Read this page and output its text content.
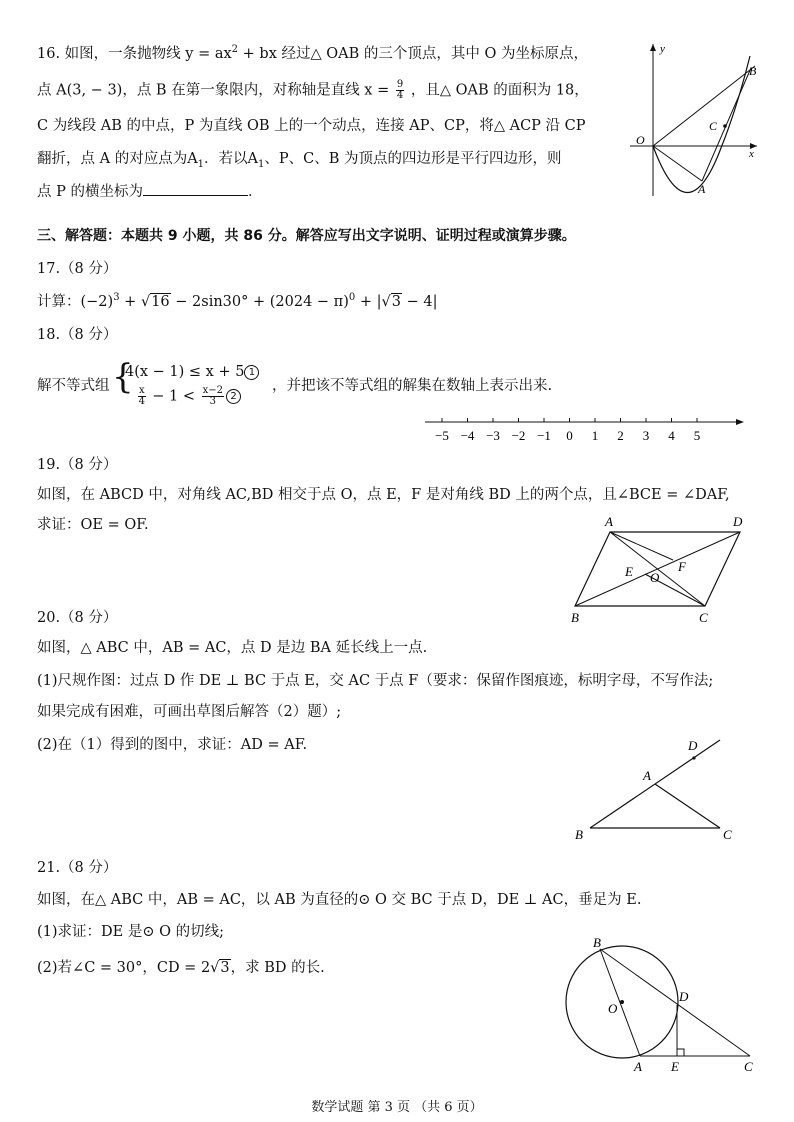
16. 如图，一条抛物线 $y = ax^2$ + bx 经过△ OAB 的三个顶点，其中 O 为坐标原点，
点 A(3, − 3)，点 B 在第一象限内，对称轴是直线 $x = \frac{9}{4}$ ，且△ OAB 的面积为 18，
C 为线段 AB 的中点，P 为直线 OB 上的一个动点，连接 AP、CP，将△ ACP 沿 CP
翻折，点 A 的对应点为$A_1$．若以$A_1$、P、C、B 为顶点的四边形是平行四边形，则
点 P 的横坐标为	．
y
x
O
B
C
A
三、解答题：本题共 9 小题，共 86 分。解答应写出文字说明、证明过程或演算步骤。
17.（8 分）
计算：$(-2)^3 + √16 - 2\sin 30^\circ + (2024 - \pi)^0 + |√3 - 4|$
18.（8 分）
解不等式组 {
4(x − 1) ≤ x + 5 1
$\frac{x}{4} - 1 < \frac{x-2}{3} 2$
，并把该不等式组的解集在数轴上表示出来.
−5 −4 −3 −2 −1 0 1 2 3 4 5
19.（8 分）
如图，在 ABCD 中，对角线 AC,BD 相交于点 O，点 E，F 是对角线 BD 上的两个点，且∠BCE = ∠DAF,
求证：OE = OF.	A	D
E	F
O
B	C
20.（8 分）
如图，△ ABC 中，AB = AC，点 D 是边 BA 延长线上一点.
(1)尺规作图：过点 D 作 DE ⊥ BC 于点 E，交 AC 于点 F（要求：保留作图痕迹，标明字母，不写作法;
如果完成有困难，可画出草图后解答（2）题）;
(2)在（1）得到的图中，求证：AD = AF.	D
A
B	C
21.（8 分）
如图，在△ ABC 中，AB = AC，以 AB 为直径的⊙ O 交 BC 于点 D，DE ⊥ AC，垂足为 E.
(1)求证：DE 是⊙ O 的切线;
(2)若∠C = 30°，CD = 2√3，求 BD 的长.
B
O
D
A E	C
数学试题 第 3 页 （共 6 页）
